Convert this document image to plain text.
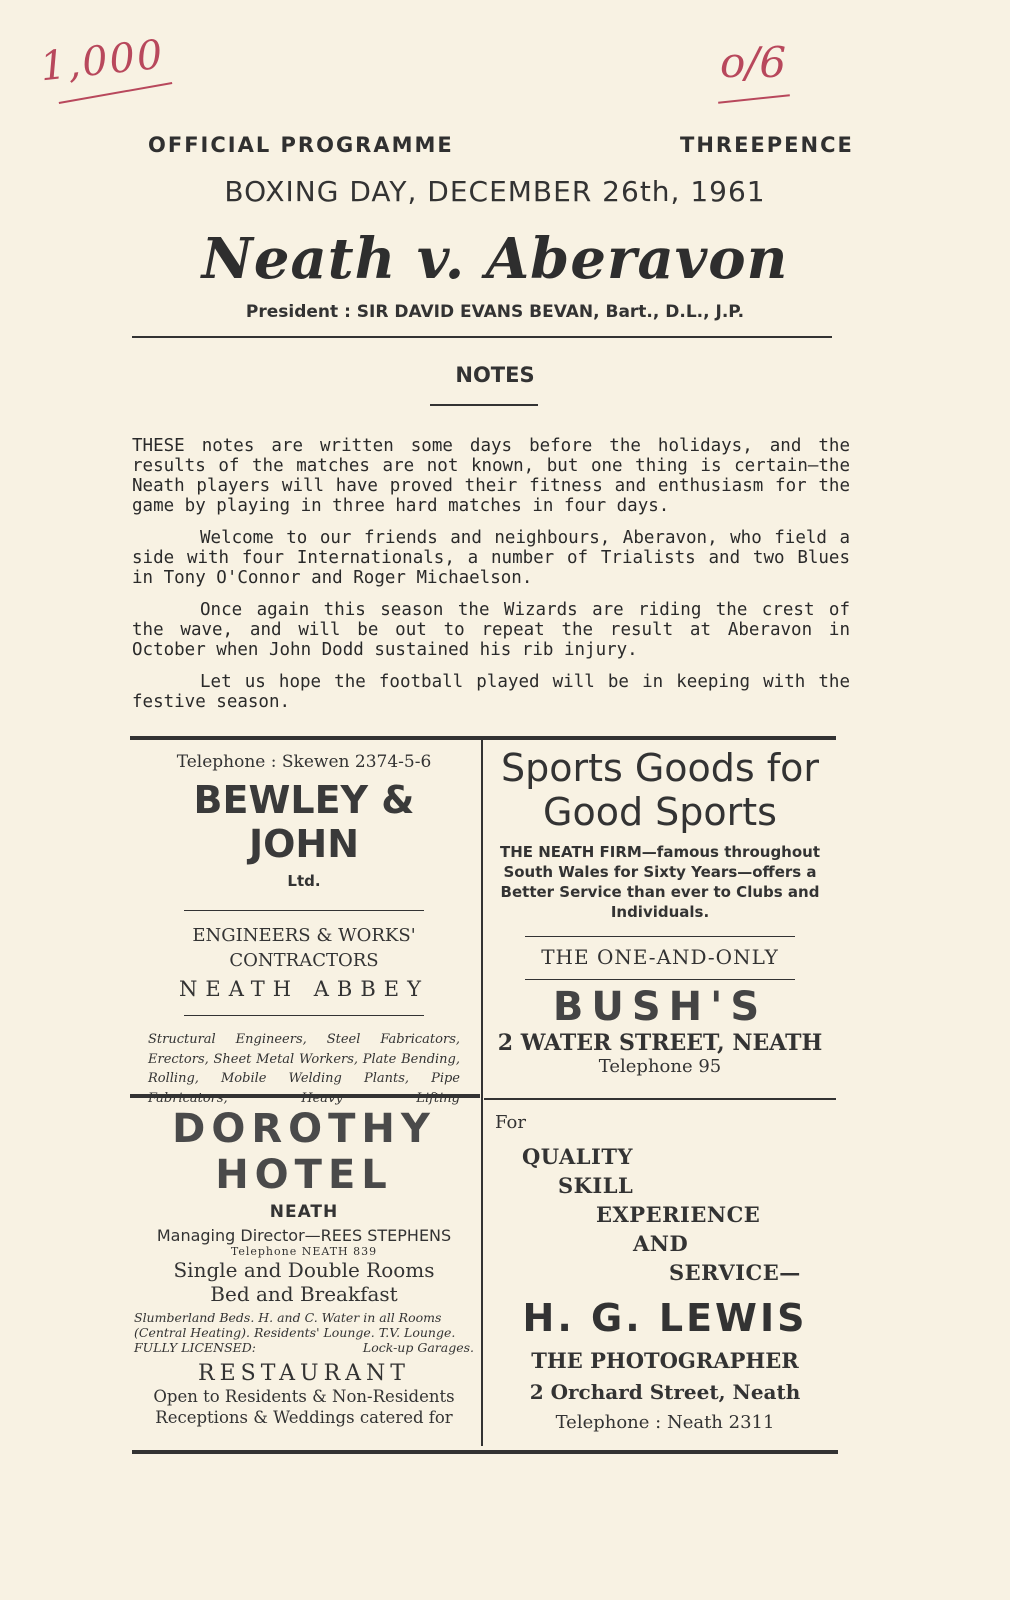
1,000	o/6
OFFICIAL PROGRAMME	THREEPENCE
BOXING DAY, DECEMBER 26th, 1961
Neath v. Aberavon
President : SIR DAVID EVANS BEVAN, Bart., D.L., J.P.
NOTES

THESE notes are written some days before the holidays, and the results of the matches are not known, but one thing is certain—the Neath players will have proved their fitness and enthusiasm for the game by playing in three hard matches in four days.

Welcome to our friends and neighbours, Aberavon, who field a side with four Internationals, a number of Trialists and two Blues in Tony O'Connor and Roger Michaelson.

Once again this season the Wizards are riding the crest of the wave, and will be out to repeat the result at Aberavon in October when John Dodd sustained his rib injury.

Let us hope the football played will be in keeping with the festive season.

Telephone : Skewen 2374-5-6
BEWLEY & JOHN
Ltd.
ENGINEERS & WORKS'
CONTRACTORS
NEATH ABBEY
Structural Engineers, Steel Fabricators, Erectors, Sheet Metal Workers, Plate Bending, Rolling, Mobile Welding Plants, Pipe Fabricators, Heavy Lifting
Sports Goods for
Good Sports
THE NEATH FIRM—famous throughout South Wales for Sixty Years—offers a Better Service than ever to Clubs and Individuals.
THE ONE-AND-ONLY
BUSH'S
2 WATER STREET, NEATH
Telephone 95
DOROTHY
HOTEL
NEATH
Managing Director—REES STEPHENS
Telephone NEATH 839
Single and Double Rooms
Bed and Breakfast
Slumberland Beds. H. and C. Water in all Rooms (Central Heating). Residents' Lounge. T.V. Lounge.
FULLY LICENSED:	Lock-up Garages.
RESTAURANT
Open to Residents & Non-Residents
Receptions & Weddings catered for
For
QUALITY
SKILL
EXPERIENCE
AND
SERVICE—
H. G. LEWIS
THE PHOTOGRAPHER
2 Orchard Street, Neath
Telephone : Neath 2311
